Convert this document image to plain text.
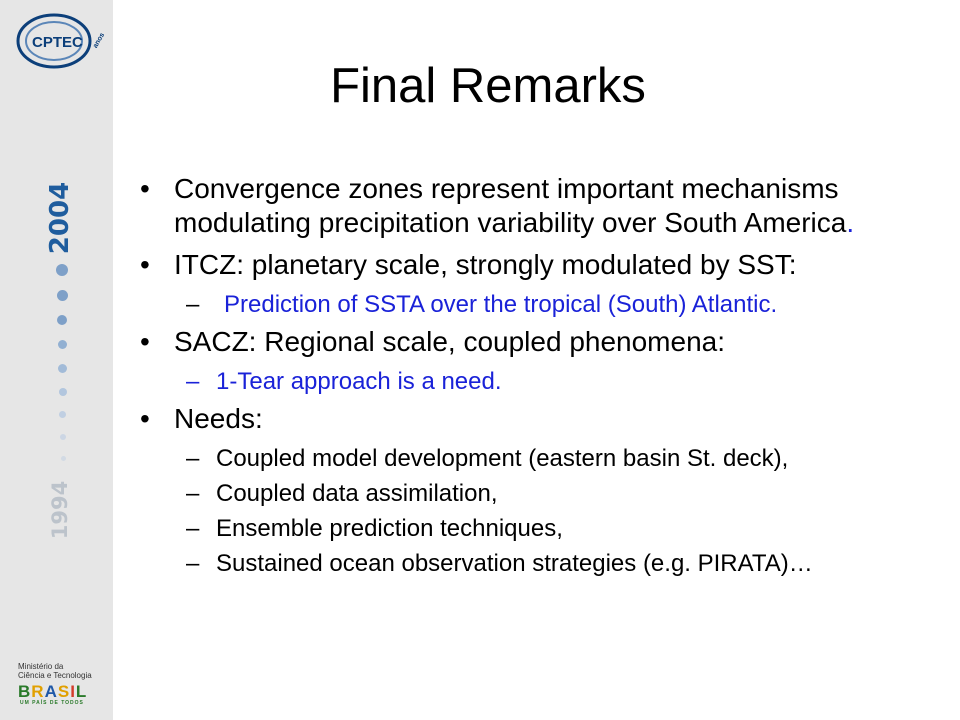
CPTEC anos
2004
1994
Ministério da
Ciência e Tecnologia
BRASIL
UM PAÍS DE TODOS
Final Remarks
• Convergence zones represent important mechanisms modulating precipitation variability over South America.
• ITCZ: planetary scale, strongly modulated by SST:
– Prediction of SSTA over the tropical (South) Atlantic.
• SACZ: Regional scale, coupled phenomena:
– 1-Tear approach is a need.
• Needs:
– Coupled model development (eastern basin St. deck),
– Coupled data assimilation,
– Ensemble prediction techniques,
– Sustained ocean observation strategies (e.g. PIRATA)…
